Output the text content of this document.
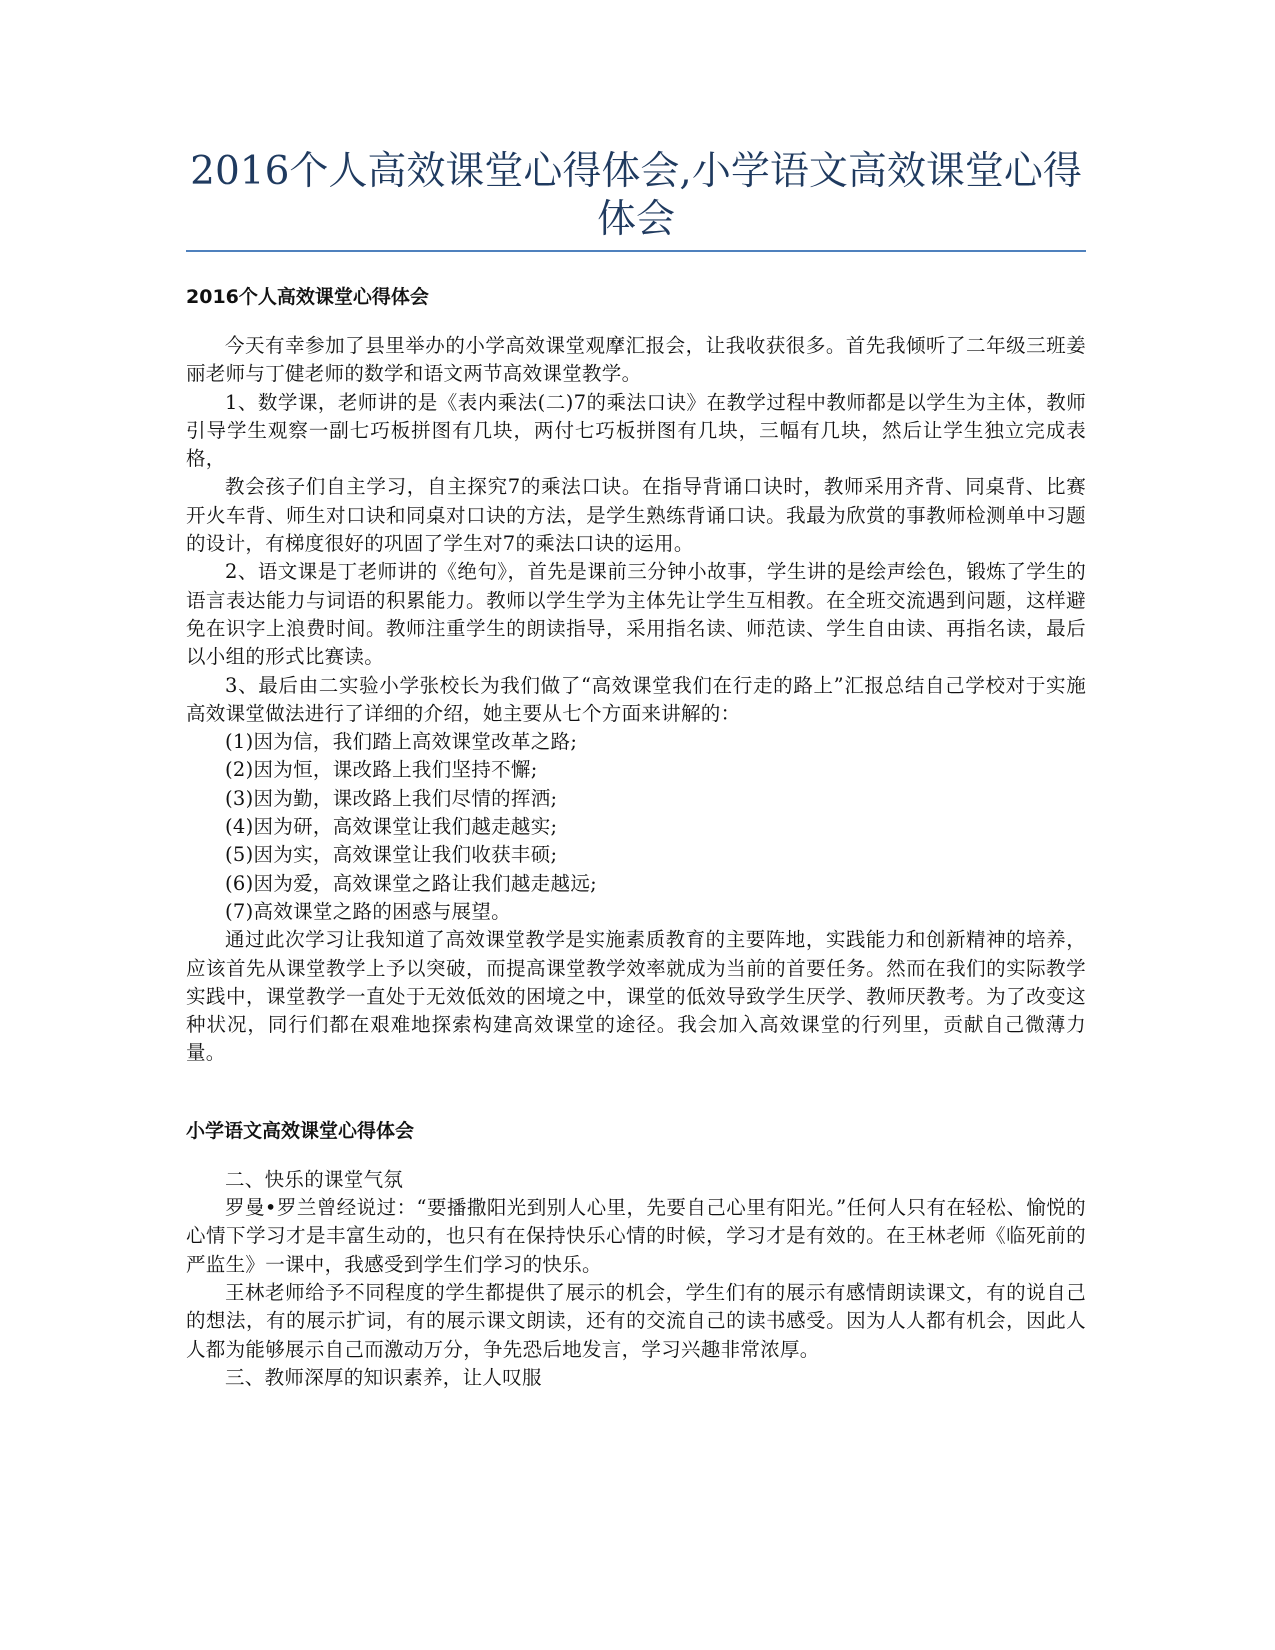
2016个人高效课堂心得体会,小学语文高效课堂心得体会
2016个人高效课堂心得体会

今天有幸参加了县里举办的小学高效课堂观摩汇报会，让我收获很多。首先我倾听了二年级三班姜丽老师与丁健老师的数学和语文两节高效课堂教学。

1、数学课，老师讲的是《表内乘法(二)7的乘法口诀》在教学过程中教师都是以学生为主体，教师引导学生观察一副七巧板拼图有几块，两付七巧板拼图有几块，三幅有几块，然后让学生独立完成表格，

教会孩子们自主学习，自主探究7的乘法口诀。在指导背诵口诀时，教师采用齐背、同桌背、比赛开火车背、师生对口诀和同桌对口诀的方法，是学生熟练背诵口诀。我最为欣赏的事教师检测单中习题的设计，有梯度很好的巩固了学生对7的乘法口诀的运用。

2、语文课是丁老师讲的《绝句》，首先是课前三分钟小故事，学生讲的是绘声绘色，锻炼了学生的语言表达能力与词语的积累能力。教师以学生学为主体先让学生互相教。在全班交流遇到问题，这样避免在识字上浪费时间。教师注重学生的朗读指导，采用指名读、师范读、学生自由读、再指名读，最后以小组的形式比赛读。

3、最后由二实验小学张校长为我们做了“高效课堂我们在行走的路上”汇报总结自己学校对于实施高效课堂做法进行了详细的介绍，她主要从七个方面来讲解的：

(1)因为信，我们踏上高效课堂改革之路;

(2)因为恒，课改路上我们坚持不懈;

(3)因为勤，课改路上我们尽情的挥洒;

(4)因为研，高效课堂让我们越走越实;

(5)因为实，高效课堂让我们收获丰硕;

(6)因为爱，高效课堂之路让我们越走越远;

(7)高效课堂之路的困惑与展望。

通过此次学习让我知道了高效课堂教学是实施素质教育的主要阵地，实践能力和创新精神的培养，应该首先从课堂教学上予以突破，而提高课堂教学效率就成为当前的首要任务。然而在我们的实际教学实践中，课堂教学一直处于无效低效的困境之中，课堂的低效导致学生厌学、教师厌教考。为了改变这种状况，同行们都在艰难地探索构建高效课堂的途径。我会加入高效课堂的行列里，贡献自己微薄力量。

小学语文高效课堂心得体会

二、快乐的课堂气氛

罗曼•罗兰曾经说过：“要播撒阳光到别人心里，先要自己心里有阳光。”任何人只有在轻松、愉悦的心情下学习才是丰富生动的，也只有在保持快乐心情的时候，学习才是有效的。在王林老师《临死前的严监生》一课中，我感受到学生们学习的快乐。

王林老师给予不同程度的学生都提供了展示的机会，学生们有的展示有感情朗读课文，有的说自己的想法，有的展示扩词，有的展示课文朗读，还有的交流自己的读书感受。因为人人都有机会，因此人人都为能够展示自己而激动万分，争先恐后地发言，学习兴趣非常浓厚。

三、教师深厚的知识素养，让人叹服
